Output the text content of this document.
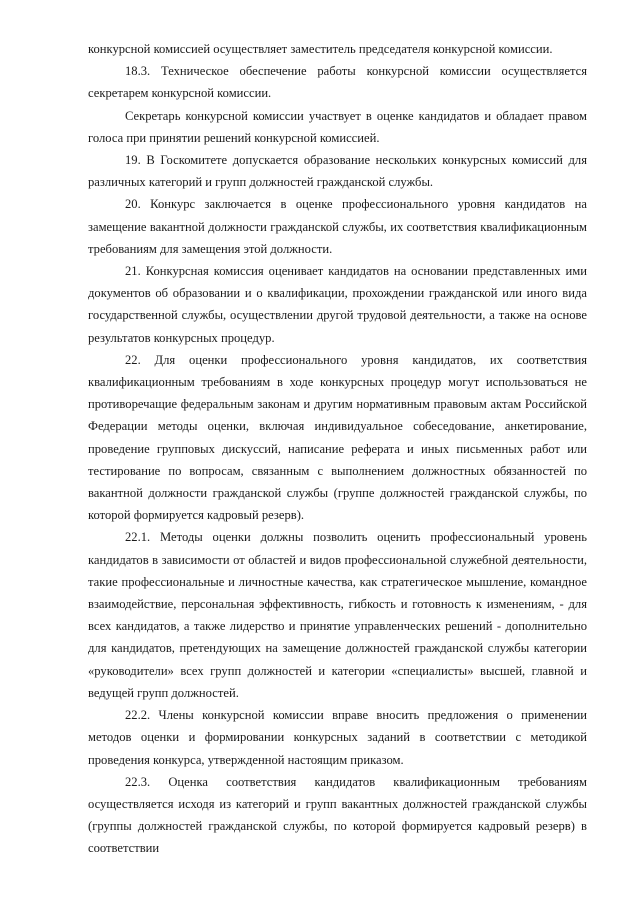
конкурсной комиссией осуществляет заместитель председателя конкурсной комиссии.

18.3. Техническое обеспечение работы конкурсной комиссии осуществляется секретарем конкурсной комиссии.

Секретарь конкурсной комиссии участвует в оценке кандидатов и обладает правом голоса при принятии решений конкурсной комиссией.

19. В Госкомитете допускается образование нескольких конкурсных комиссий для различных категорий и групп должностей гражданской службы.

20. Конкурс заключается в оценке профессионального уровня кандидатов на замещение вакантной должности гражданской службы, их соответствия квалификационным требованиям для замещения этой должности.

21. Конкурсная комиссия оценивает кандидатов на основании представленных ими документов об образовании и о квалификации, прохождении гражданской или иного вида государственной службы, осуществлении другой трудовой деятельности, а также на основе результатов конкурсных процедур.

22. Для оценки профессионального уровня кандидатов, их соответствия квалификационным требованиям в ходе конкурсных процедур могут использоваться не противоречащие федеральным законам и другим нормативным правовым актам Российской Федерации методы оценки, включая индивидуальное собеседование, анкетирование, проведение групповых дискуссий, написание реферата и иных письменных работ или тестирование по вопросам, связанным с выполнением должностных обязанностей по вакантной должности гражданской службы (группе должностей гражданской службы, по которой формируется кадровый резерв).

22.1. Методы оценки должны позволить оценить профессиональный уровень кандидатов в зависимости от областей и видов профессиональной служебной деятельности, такие профессиональные и личностные качества, как стратегическое мышление, командное взаимодействие, персональная эффективность, гибкость и готовность к изменениям, - для всех кандидатов, а также лидерство и принятие управленческих решений - дополнительно для кандидатов, претендующих на замещение должностей гражданской службы категории «руководители» всех групп должностей и категории «специалисты» высшей, главной и ведущей групп должностей.

22.2. Члены конкурсной комиссии вправе вносить предложения о применении методов оценки и формировании конкурсных заданий в соответствии с методикой проведения конкурса, утвержденной настоящим приказом.

22.3. Оценка соответствия кандидатов квалификационным требованиям осуществляется исходя из категорий и групп вакантных должностей гражданской службы (группы должностей гражданской службы, по которой формируется кадровый резерв) в соответствии
